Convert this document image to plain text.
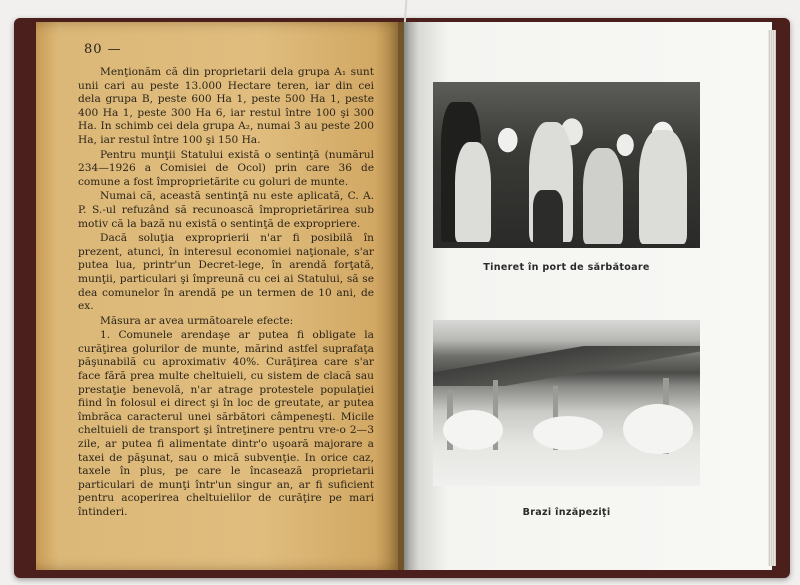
80 —

Menţionăm că din proprietarii dela grupa A₁ sunt unii cari au peste 13.000 Hectare teren, iar din cei dela grupa B, peste 600 Ha 1, peste 500 Ha 1, peste 400 Ha 1, peste 300 Ha 6, iar restul între 100 şi 300 Ha. In schimb cei dela grupa A₂, numai 3 au peste 200 Ha, iar restul între 100 şi 150 Ha.

Pentru munţii Statului există o sentinţă (numărul 234—1926 a Comisiei de Ocol) prin care 36 de comune a fost împroprietărite cu goluri de munte.

Numai că, această sentinţă nu este aplicată, C. A. P. S.-ul refuzând să recunoască împroprietărirea sub motiv că la bază nu există o sentinţă de expropriere.

Dacă soluţia exproprierii n'ar fi posibilă în prezent, atunci, în interesul economiei naţionale, s'ar putea lua, printr'un Decret-lege, în arendă forţată, munţii, particulari şi împreună cu cei ai Statului, să se dea comunelor în arendă pe un termen de 10 ani, de ex.

Măsura ar avea următoarele efecte:

1. Comunele arendaşe ar putea fi obligate la curăţirea golurilor de munte, mărind astfel suprafaţa păşunabilă cu aproximativ 40%. Curăţirea care s'ar face fără prea multe cheltuieli, cu sistem de clacă sau prestaţie benevolă, n'ar atrage protestele populaţiei fiind în folosul ei direct şi în loc de greutate, ar putea îmbrăca caracterul unei sărbători câmpeneşti. Micile cheltuieli de transport şi întreţinere pentru vre-o 2—3 zile, ar putea fi alimentate dintr'o uşoară majorare a taxei de păşunat, sau o mică subvenţie. In orice caz, taxele în plus, pe care le încasează proprietarii particulari de munţi într'un singur an, ar fi suficient pentru acoperirea cheltuielilor de curăţire pe mari întinderi.

Tineret în port de sărbătoare
Brazi înzăpeziţi
